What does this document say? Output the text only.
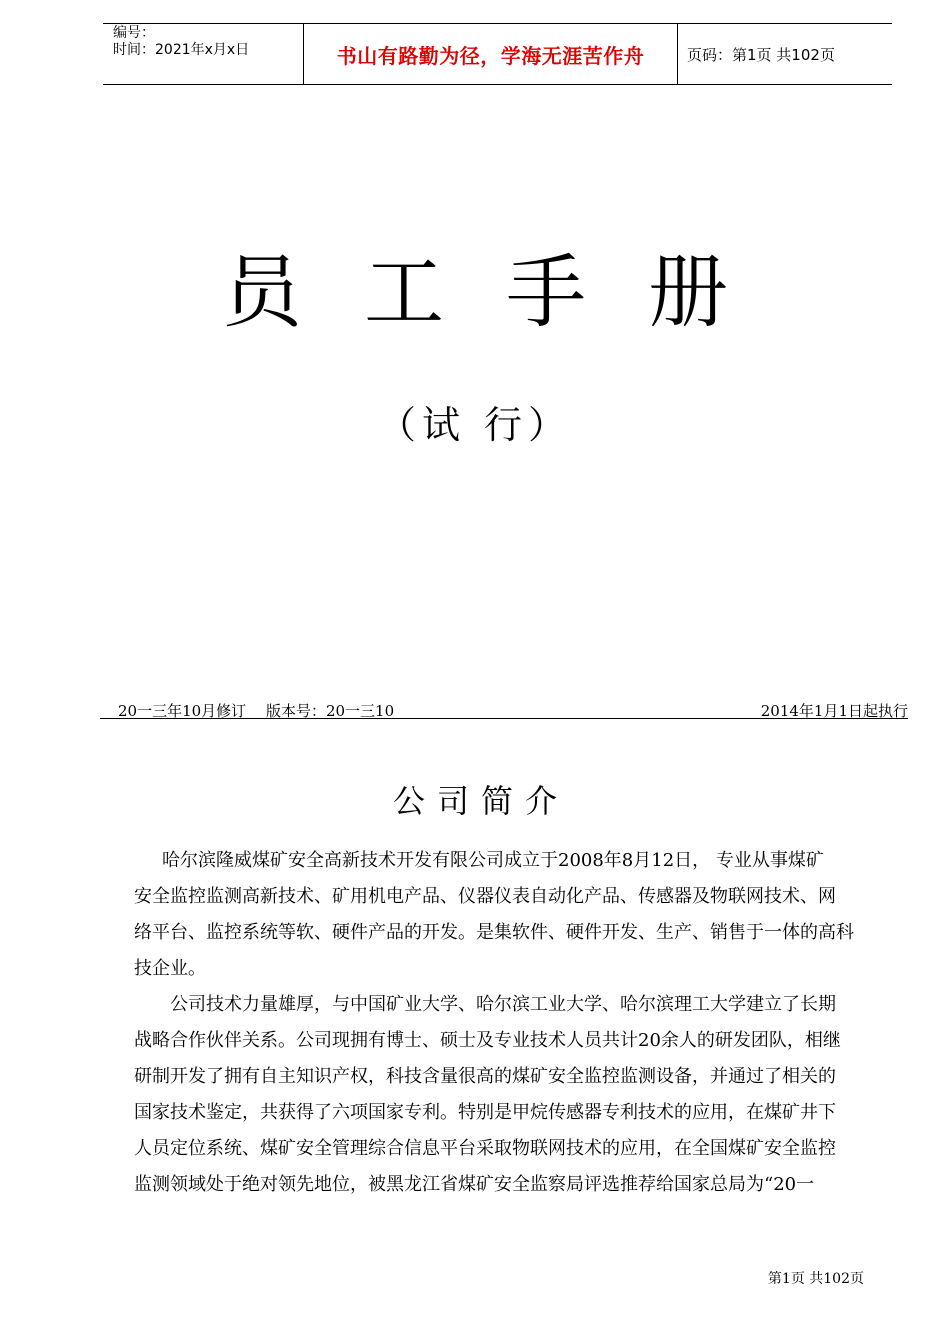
编号：
时间：2021年x月x日	书山有路勤为径，学海无涯苦作舟	页码：第1页 共102页
员工手册
（试 行）
20一三年10月修订　 版本号：20一三10	2014年1月1日起执行
公司简介

哈尔滨隆威煤矿安全高新技术开发有限公司成立于2008年8月12日， 专业从事煤矿
安全监控监测高新技术、矿用机电产品、仪器仪表自动化产品、传感器及物联网技术、网
络平台、监控系统等软、硬件产品的开发。是集软件、硬件开发、生产、销售于一体的高科
技企业。

公司技术力量雄厚，与中国矿业大学、哈尔滨工业大学、哈尔滨理工大学建立了长期
战略合作伙伴关系。公司现拥有博士、硕士及专业技术人员共计20余人的研发团队，相继
研制开发了拥有自主知识产权，科技含量很高的煤矿安全监控监测设备，并通过了相关的
国家技术鉴定，共获得了六项国家专利。特别是甲烷传感器专利技术的应用，在煤矿井下
人员定位系统、煤矿安全管理综合信息平台采取物联网技术的应用，在全国煤矿安全监控
监测领域处于绝对领先地位，被黑龙江省煤矿安全监察局评选推荐给国家总局为“20一

第1页 共102页
